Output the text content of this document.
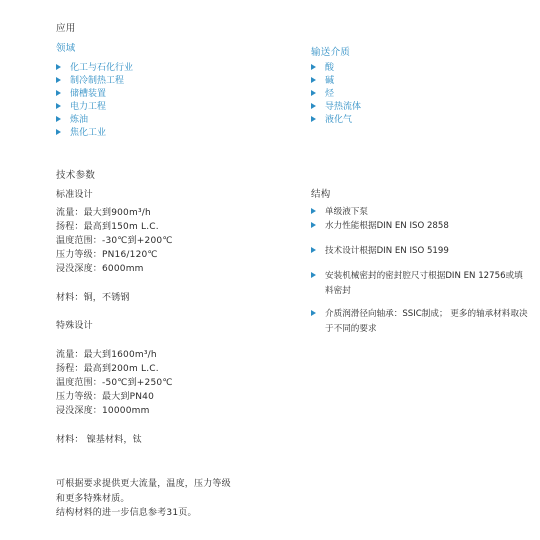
应用
领域
化工与石化行业
制冷制热工程
储槽装置
电力工程
炼油
焦化工业
输送介质
酸
碱
烃
导热流体
液化气
技术参数
标准设计
流量：最大到900m³/h
扬程：最高到150m L.C.
温度范围：-30℃到+200℃
压力等级：PN16/120℃
浸没深度：6000mm
材料：铜，不锈钢
特殊设计
流量：最大到1600m³/h
扬程：最高到200m L.C.
温度范围：-50℃到+250℃
压力等级：最大到PN40
浸没深度：10000mm
材料： 镍基材料，钛
可根据要求提供更大流量，温度，压力等级
和更多特殊材质。
结构材料的进一步信息参考31页。
结构
单级液下泵
水力性能根据DIN EN ISO 2858
技术设计根据DIN EN ISO 5199
安装机械密封的密封腔尺寸根据DIN EN 12756或填料密封
介质润滑径向轴承：SSIC制成； 更多的轴承材料取决于不同的要求
